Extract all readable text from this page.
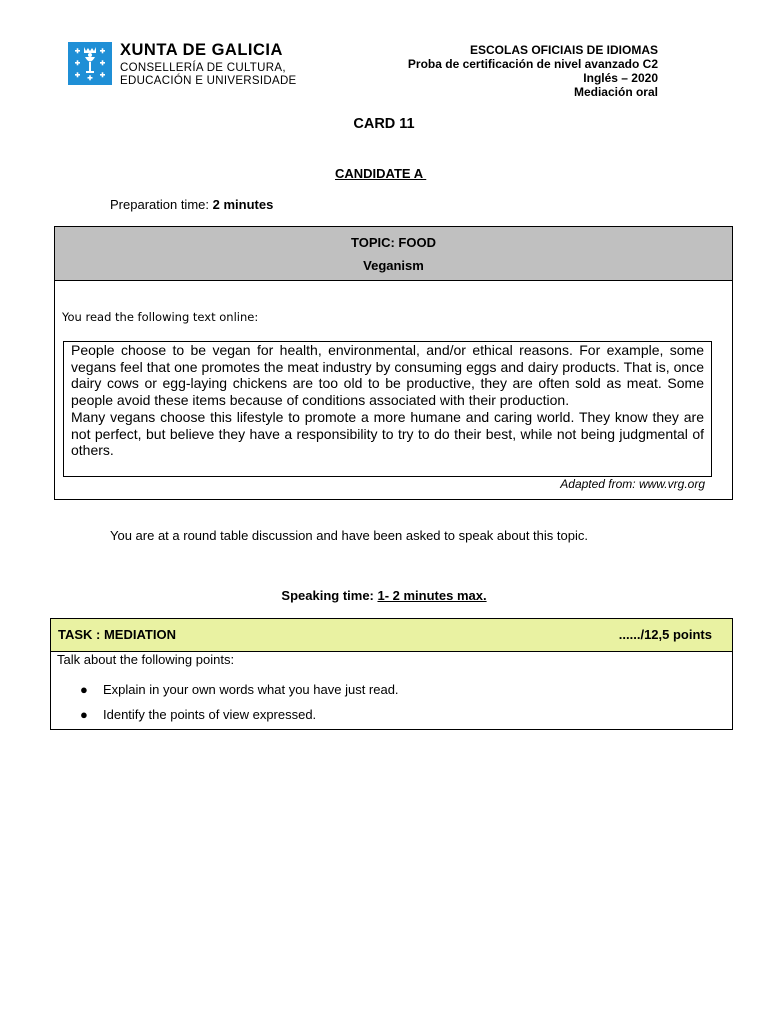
XUNTA DE GALICIA
CONSELLERÍA DE CULTURA,
EDUCACIÓN E UNIVERSIDADE
ESCOLAS OFICIAIS DE IDIOMAS
Proba de certificación de nivel avanzado C2
Inglés – 2020
Mediación oral
CARD 11
CANDIDATE A
Preparation time: 2 minutes
TOPIC: FOOD
Veganism
You read the following text online:

People choose to be vegan for health, environmental, and/or ethical reasons. For example, some vegans feel that one promotes the meat industry by consuming eggs and dairy products. That is, once dairy cows or egg-laying chickens are too old to be productive, they are often sold as meat. Some people avoid these items because of conditions associated with their production.

Many vegans choose this lifestyle to promote a more humane and caring world. They know they are not perfect, but believe they have a responsibility to try to do their best, while not being judgmental of others.

Adapted from: www.vrg.org
You are at a round table discussion and have been asked to speak about this topic.
Speaking time: 1- 2 minutes max.
TASK : MEDIATION	....../12,5 points
Talk about the following points:
● Explain in your own words what you have just read.
● Identify the points of view expressed.
